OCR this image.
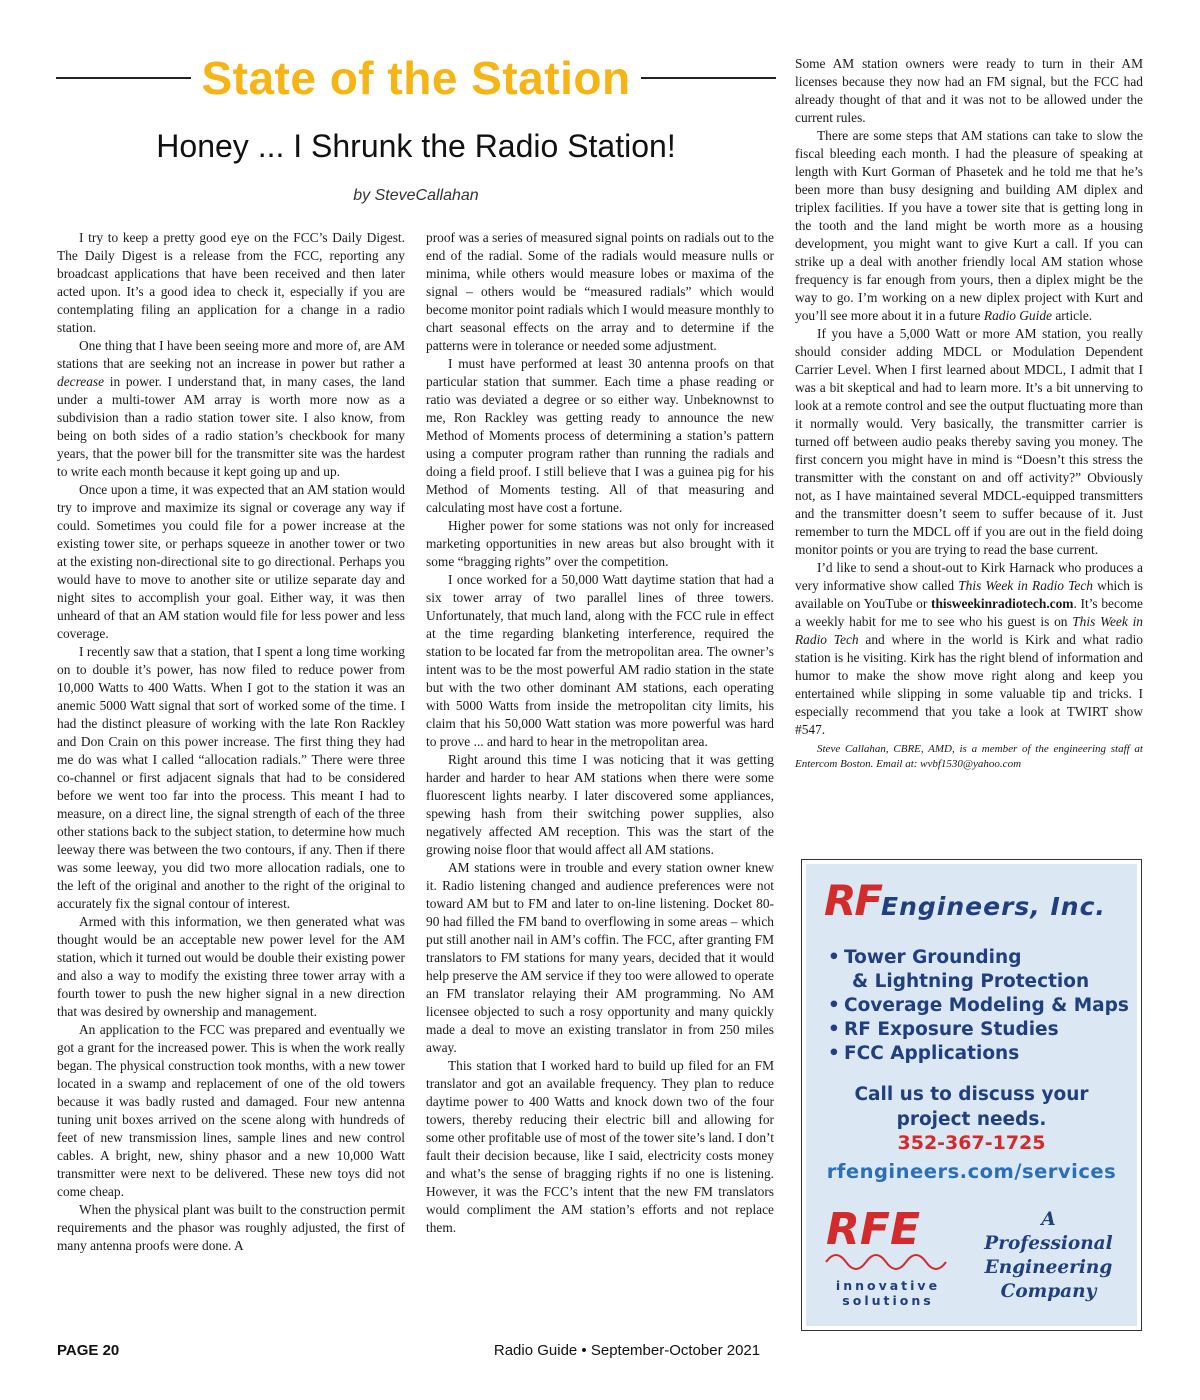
State of the Station
Honey ... I Shrunk the Radio Station!
by SteveCallahan

I try to keep a pretty good eye on the FCC’s Daily Digest. The Daily Digest is a release from the FCC, reporting any broadcast applications that have been received and then later acted upon. It’s a good idea to check it, especially if you are contemplating filing an application for a change in a radio station.

One thing that I have been seeing more and more of, are AM stations that are seeking not an increase in power but rather a decrease in power. I understand that, in many cases, the land under a multi-tower AM array is worth more now as a subdivision than a radio station tower site. I also know, from being on both sides of a radio station’s checkbook for many years, that the power bill for the transmitter site was the hardest to write each month because it kept going up and up.

Once upon a time, it was expected that an AM station would try to improve and maximize its signal or coverage any way if could. Sometimes you could file for a power increase at the existing tower site, or perhaps squeeze in another tower or two at the existing non-directional site to go directional. Perhaps you would have to move to another site or utilize separate day and night sites to accomplish your goal. Either way, it was then unheard of that an AM station would file for less power and less coverage.

I recently saw that a station, that I spent a long time working on to double it’s power, has now filed to reduce power from 10,000 Watts to 400 Watts. When I got to the station it was an anemic 5000 Watt signal that sort of worked some of the time. I had the distinct pleasure of working with the late Ron Rackley and Don Crain on this power increase. The first thing they had me do was what I called “allocation radials.” There were three co-channel or first adjacent signals that had to be considered before we went too far into the process. This meant I had to measure, on a direct line, the signal strength of each of the three other stations back to the subject station, to determine how much leeway there was between the two contours, if any. Then if there was some leeway, you did two more allocation radials, one to the left of the original and another to the right of the original to accurately fix the signal contour of interest.

Armed with this information, we then generated what was thought would be an acceptable new power level for the AM station, which it turned out would be double their existing power and also a way to modify the existing three tower array with a fourth tower to push the new higher signal in a new direction that was desired by ownership and management.

An application to the FCC was prepared and eventually we got a grant for the increased power. This is when the work really began. The physical construction took months, with a new tower located in a swamp and replacement of one of the old towers because it was badly rusted and damaged. Four new antenna tuning unit boxes arrived on the scene along with hundreds of feet of new transmission lines, sample lines and new control cables. A bright, new, shiny phasor and a new 10,000 Watt transmitter were next to be delivered. These new toys did not come cheap.

When the physical plant was built to the construction permit requirements and the phasor was roughly adjusted, the first of many antenna proofs were done. A

proof was a series of measured signal points on radials out to the end of the radial. Some of the radials would measure nulls or minima, while others would measure lobes or maxima of the signal – others would be “measured radials” which would become monitor point radials which I would measure monthly to chart seasonal effects on the array and to determine if the patterns were in tolerance or needed some adjustment.

I must have performed at least 30 antenna proofs on that particular station that summer. Each time a phase reading or ratio was deviated a degree or so either way. Unbeknownst to me, Ron Rackley was getting ready to announce the new Method of Moments process of determining a station’s pattern using a computer program rather than running the radials and doing a field proof. I still believe that I was a guinea pig for his Method of Moments testing. All of that measuring and calculating most have cost a fortune.

Higher power for some stations was not only for increased marketing opportunities in new areas but also brought with it some “bragging rights” over the competition.

I once worked for a 50,000 Watt daytime station that had a six tower array of two parallel lines of three towers. Unfortunately, that much land, along with the FCC rule in effect at the time regarding blanketing interference, required the station to be located far from the metropolitan area. The owner’s intent was to be the most powerful AM radio station in the state but with the two other dominant AM stations, each operating with 5000 Watts from inside the metropolitan city limits, his claim that his 50,000 Watt station was more powerful was hard to prove ... and hard to hear in the metropolitan area.

Right around this time I was noticing that it was getting harder and harder to hear AM stations when there were some fluorescent lights nearby. I later discovered some appliances, spewing hash from their switching power supplies, also negatively affected AM reception. This was the start of the growing noise floor that would affect all AM stations.

AM stations were in trouble and every station owner knew it. Radio listening changed and audience preferences were not toward AM but to FM and later to on-line listening. Docket 80-90 had filled the FM band to overflowing in some areas – which put still another nail in AM’s coffin. The FCC, after granting FM translators to FM stations for many years, decided that it would help preserve the AM service if they too were allowed to operate an FM translator relaying their AM programming. No AM licensee objected to such a rosy opportunity and many quickly made a deal to move an existing translator in from 250 miles away.

This station that I worked hard to build up filed for an FM translator and got an available frequency. They plan to reduce daytime power to 400 Watts and knock down two of the four towers, thereby reducing their electric bill and allowing for some other profitable use of most of the tower site’s land. I don’t fault their decision because, like I said, electricity costs money and what’s the sense of bragging rights if no one is listening. However, it was the FCC’s intent that the new FM translators would compliment the AM station’s efforts and not replace them.

Some AM station owners were ready to turn in their AM licenses because they now had an FM signal, but the FCC had already thought of that and it was not to be allowed under the current rules.

There are some steps that AM stations can take to slow the fiscal bleeding each month. I had the pleasure of speaking at length with Kurt Gorman of Phasetek and he told me that he’s been more than busy designing and building AM diplex and triplex facilities. If you have a tower site that is getting long in the tooth and the land might be worth more as a housing development, you might want to give Kurt a call. If you can strike up a deal with another friendly local AM station whose frequency is far enough from yours, then a diplex might be the way to go. I’m working on a new diplex project with Kurt and you’ll see more about it in a future Radio Guide article.

If you have a 5,000 Watt or more AM station, you really should consider adding MDCL or Modulation Dependent Carrier Level. When I first learned about MDCL, I admit that I was a bit skeptical and had to learn more. It’s a bit unnerving to look at a remote control and see the output fluctuating more than it normally would. Very basically, the transmitter carrier is turned off between audio peaks thereby saving you money. The first concern you might have in mind is “Doesn’t this stress the transmitter with the constant on and off activity?” Obviously not, as I have maintained several MDCL-equipped transmitters and the transmitter doesn’t seem to suffer because of it. Just remember to turn the MDCL off if you are out in the field doing monitor points or you are trying to read the base current.

I’d like to send a shout-out to Kirk Harnack who produces a very informative show called This Week in Radio Tech which is available on YouTube or thisweekinradiotech.com. It’s become a weekly habit for me to see who his guest is on This Week in Radio Tech and where in the world is Kirk and what radio station is he visiting. Kirk has the right blend of information and humor to make the show move right along and keep you entertained while slipping in some valuable tip and tricks. I especially recommend that you take a look at TWIRT show #547.

Steve Callahan, CBRE, AMD, is a member of the engineering staff at Entercom Boston. Email at: wvbf1530@yahoo.com

RFEngineers, Inc.
• Tower Grounding
& Lightning Protection
• Coverage Modeling & Maps
• RF Exposure Studies
• FCC Applications
Call us to discuss your
project needs.
352-367-1725
rfengineers.com/services
RFE
innovative
solutions
A
Professional
Engineering
Company
PAGE 20	Radio Guide • September-October 2021
